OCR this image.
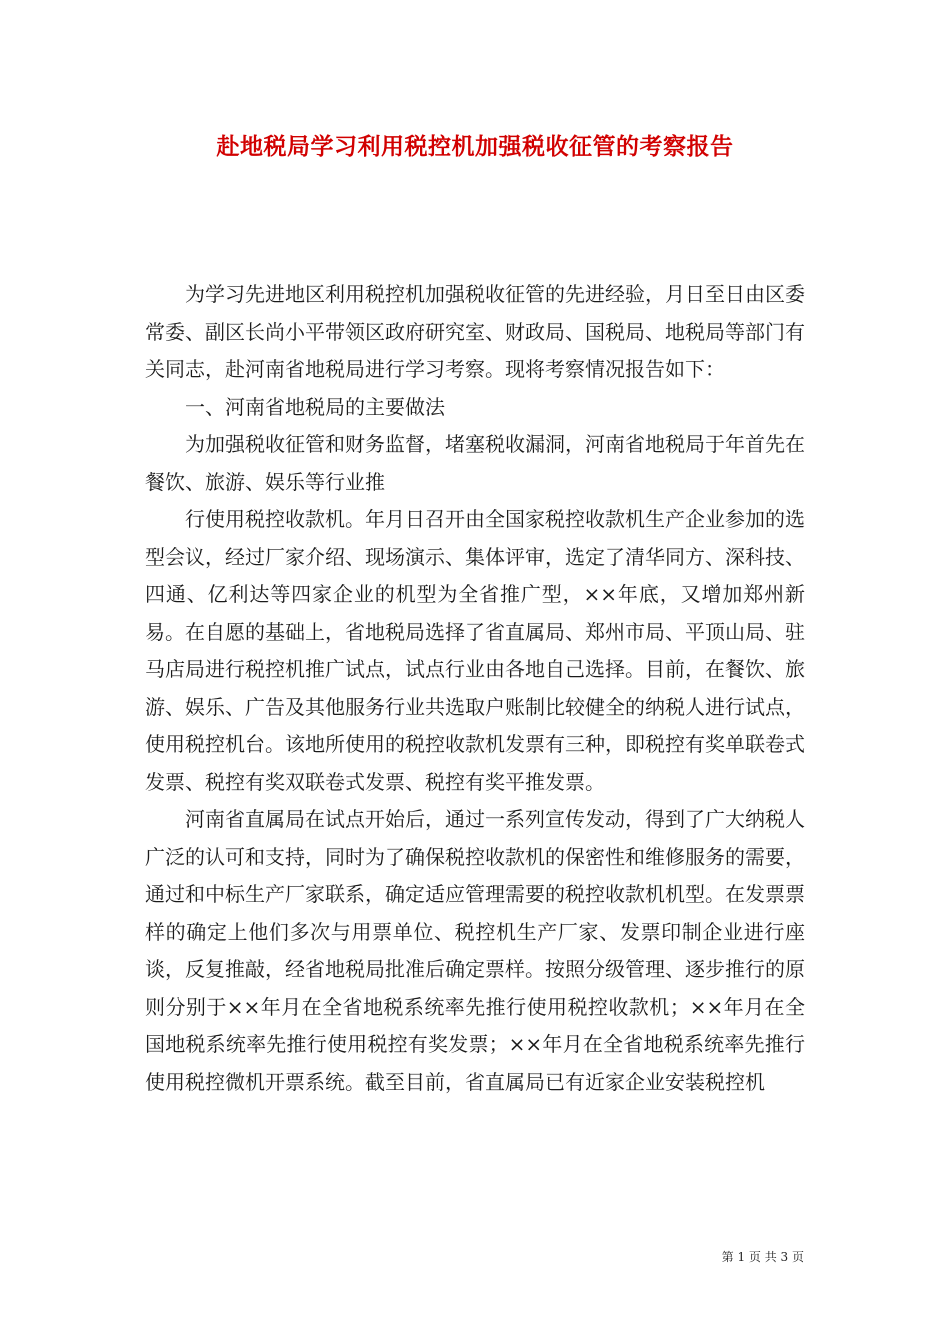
赴地税局学习利用税控机加强税收征管的考察报告

为学习先进地区利用税控机加强税收征管的先进经验，月日至日由区委常委、副区长尚小平带领区政府研究室、财政局、国税局、地税局等部门有关同志，赴河南省地税局进行学习考察。现将考察情况报告如下：

一、河南省地税局的主要做法

为加强税收征管和财务监督，堵塞税收漏洞，河南省地税局于年首先在餐饮、旅游、娱乐等行业推

行使用税控收款机。年月日召开由全国家税控收款机生产企业参加的选型会议，经过厂家介绍、现场演示、集体评审，选定了清华同方、深科技、四通、亿利达等四家企业的机型为全省推广型，××年底，又增加郑州新易。在自愿的基础上，省地税局选择了省直属局、郑州市局、平顶山局、驻马店局进行税控机推广试点，试点行业由各地自己选择。目前，在餐饮、旅游、娱乐、广告及其他服务行业共选取户账制比较健全的纳税人进行试点，使用税控机台。该地所使用的税控收款机发票有三种，即税控有奖单联卷式发票、税控有奖双联卷式发票、税控有奖平推发票。

河南省直属局在试点开始后，通过一系列宣传发动，得到了广大纳税人广泛的认可和支持，同时为了确保税控收款机的保密性和维修服务的需要，通过和中标生产厂家联系，确定适应管理需要的税控收款机机型。在发票票样的确定上他们多次与用票单位、税控机生产厂家、发票印制企业进行座谈，反复推敲，经省地税局批准后确定票样。按照分级管理、逐步推行的原则分别于××年月在全省地税系统率先推行使用税控收款机；××年月在全国地税系统率先推行使用税控有奖发票；××年月在全省地税系统率先推行使用税控微机开票系统。截至目前，省直属局已有近家企业安装税控机

第 1 页 共 3 页
